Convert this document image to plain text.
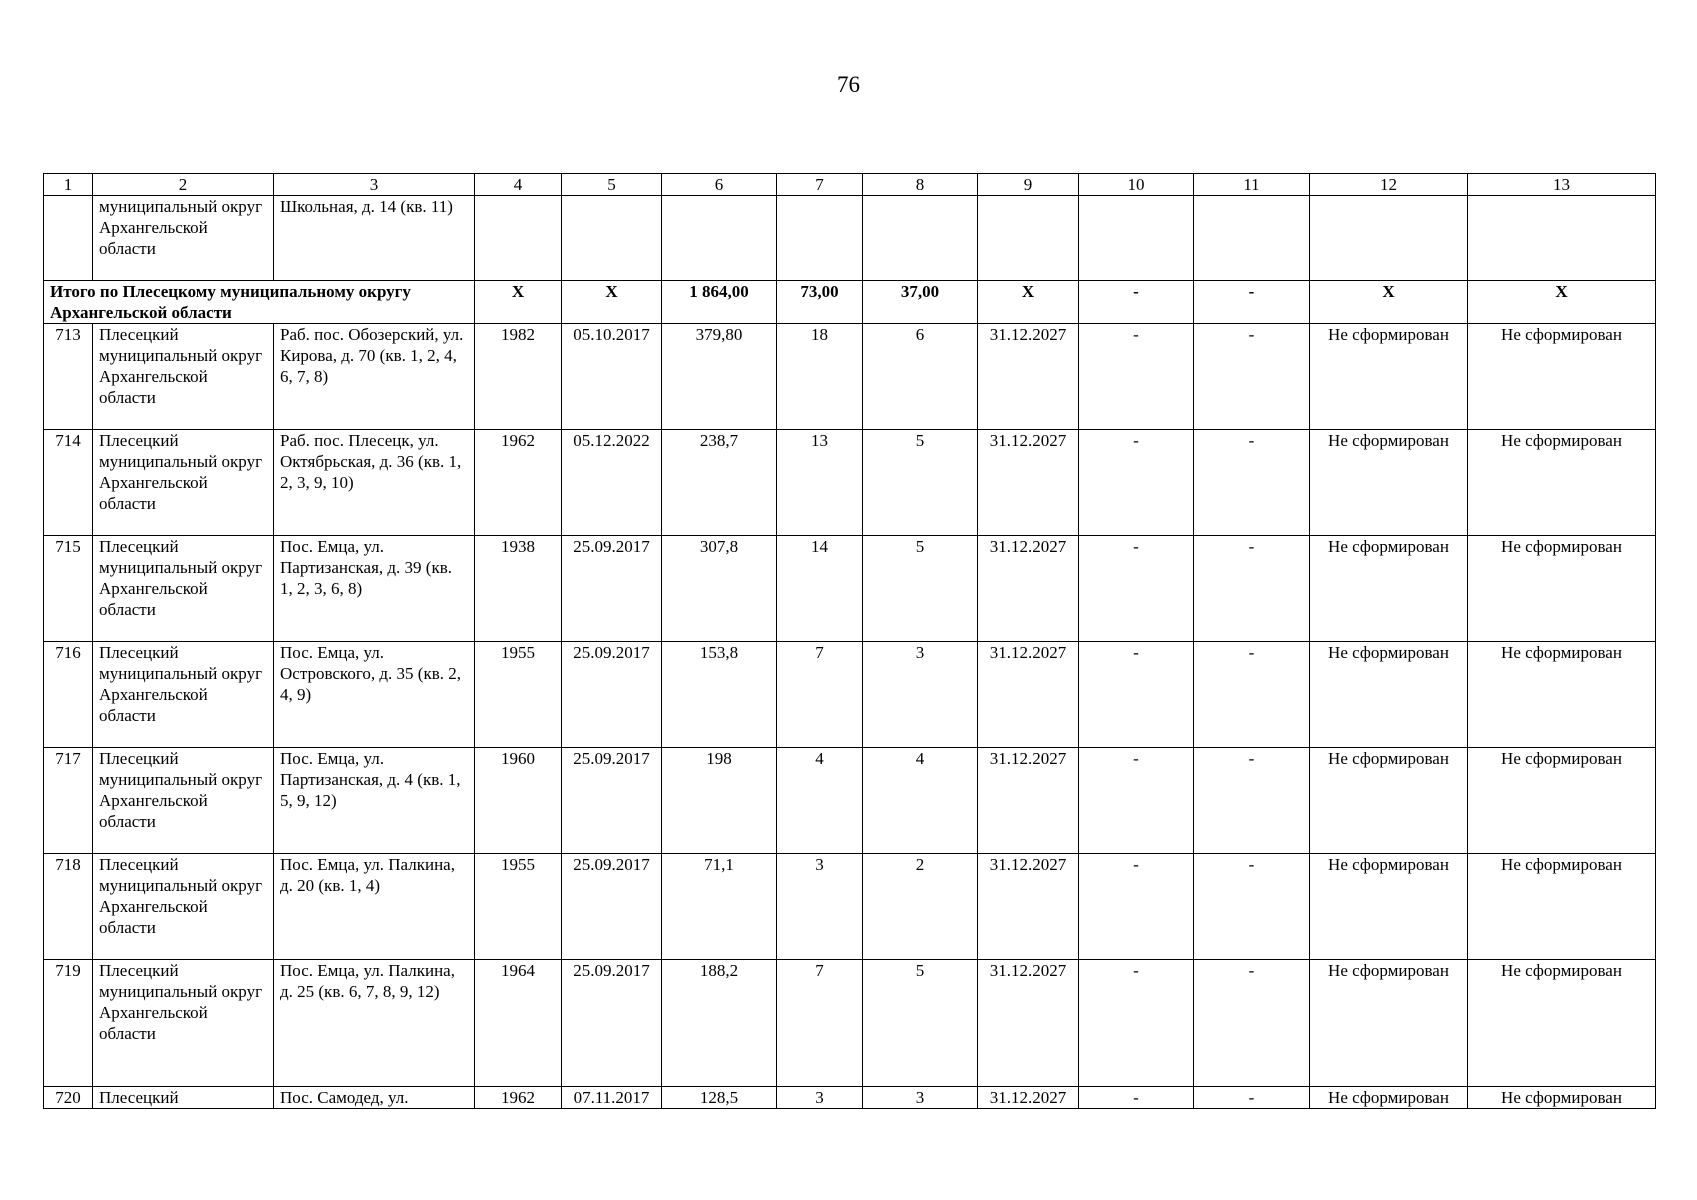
76
1	2	3	4	5	6	7	8	9	10	11	12	13
	муниципальный округ Архангельской области	Школьная, д. 14 (кв. 11)										
Итого по Плесецкому муниципальному округу Архангельской области			Х	Х	1 864,00	73,00	37,00	Х	-	-	Х	Х
713	Плесецкий муниципальный округ Архангельской области	Раб. пос. Обозерский, ул. Кирова, д. 70 (кв. 1, 2, 4, 6, 7, 8)	1982	05.10.2017	379,80	18	6	31.12.2027	-	-	Не сформирован	Не сформирован
714	Плесецкий муниципальный округ Архангельской области	Раб. пос. Плесецк, ул. Октябрьская, д. 36 (кв. 1, 2, 3, 9, 10)	1962	05.12.2022	238,7	13	5	31.12.2027	-	-	Не сформирован	Не сформирован
715	Плесецкий муниципальный округ Архангельской области	Пос. Емца, ул. Партизанская, д. 39 (кв. 1, 2, 3, 6, 8)	1938	25.09.2017	307,8	14	5	31.12.2027	-	-	Не сформирован	Не сформирован
716	Плесецкий муниципальный округ Архангельской области	Пос. Емца, ул. Островского, д. 35 (кв. 2, 4, 9)	1955	25.09.2017	153,8	7	3	31.12.2027	-	-	Не сформирован	Не сформирован
717	Плесецкий муниципальный округ Архангельской области	Пос. Емца, ул. Партизанская, д. 4 (кв. 1, 5, 9, 12)	1960	25.09.2017	198	4	4	31.12.2027	-	-	Не сформирован	Не сформирован
718	Плесецкий муниципальный округ Архангельской области	Пос. Емца, ул. Палкина, д. 20 (кв. 1, 4)	1955	25.09.2017	71,1	3	2	31.12.2027	-	-	Не сформирован	Не сформирован
719	Плесецкий муниципальный округ Архангельской области	Пос. Емца, ул. Палкина, д. 25 (кв. 6, 7, 8, 9, 12)	1964	25.09.2017	188,2	7	5	31.12.2027	-	-	Не сформирован	Не сформирован
720	Плесецкий	Пос. Самодед, ул.	1962	07.11.2017	128,5	3	3	31.12.2027	-	-	Не сформирован	Не сформирован
